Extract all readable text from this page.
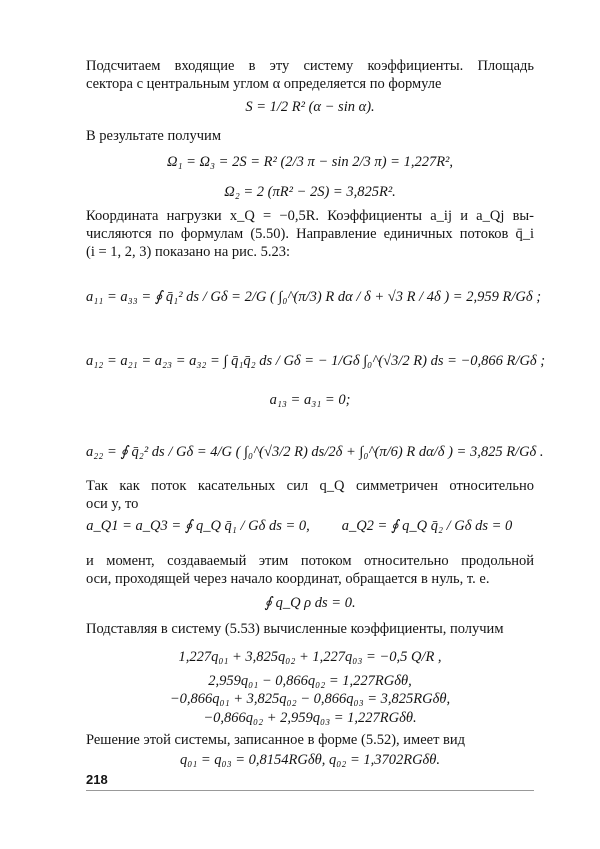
Подсчитаем входящие в эту систему коэффициенты. Площадь
сектора с центральным углом α определяется по формуле
S = 1/2 R² (α − sin α).
В результате получим
Ω₁ = Ω₃ = 2S = R² (2/3 π − sin 2/3 π) = 1,227R²,
Ω₂ = 2 (πR² − 2S) = 3,825R².
Координата нагрузки x_Q = −0,5R. Коэффициенты a_ij и a_Qj вы-
числяются по формулам (5.50). Направление единичных потоков q̄_i
(i = 1, 2, 3) показано на рис. 5.23:
a₁₁ = a₃₃ = ∮ q̄₁² ds / Gδ = 2/G ( ∫₀^(π/3) R dα / δ + √3 R / 4δ ) = 2,959 R/Gδ ;
a₁₂ = a₂₁ = a₂₃ = a₃₂ = ∫ q̄₁q̄₂ ds / Gδ = − 1/Gδ ∫₀^(√3/2 R) ds = −0,866 R/Gδ ;
a₁₃ = a₃₁ = 0;
a₂₂ = ∮ q̄₂² ds / Gδ = 4/G ( ∫₀^(√3/2 R) ds/2δ + ∫₀^(π/6) R dα/δ ) = 3,825 R/Gδ .
Так как поток касательных сил q_Q симметричен относительно
оси y, то
a_Q1 = a_Q3 = ∮ q_Q q̄₁ / Gδ ds = 0,	a_Q2 = ∮ q_Q q̄₂ / Gδ ds = 0
и момент, создаваемый этим потоком относительно продольной
оси, проходящей через начало координат, обращается в нуль, т. е.
∮ q_Q ρ ds = 0.
Подставляя в систему (5.53) вычисленные коэффициенты, получим
1,227q₀₁ + 3,825q₀₂ + 1,227q₀₃ = −0,5 Q/R ,
2,959q₀₁ − 0,866q₀₂ = 1,227RGδθ,
−0,866q₀₁ + 3,825q₀₂ − 0,866q₀₃ = 3,825RGδθ,
−0,866q₀₂ + 2,959q₀₃ = 1,227RGδθ.
Решение этой системы, записанное в форме (5.52), имеет вид
q₀₁ = q₀₃ = 0,8154RGδθ, q₀₂ = 1,3702RGδθ.
218
